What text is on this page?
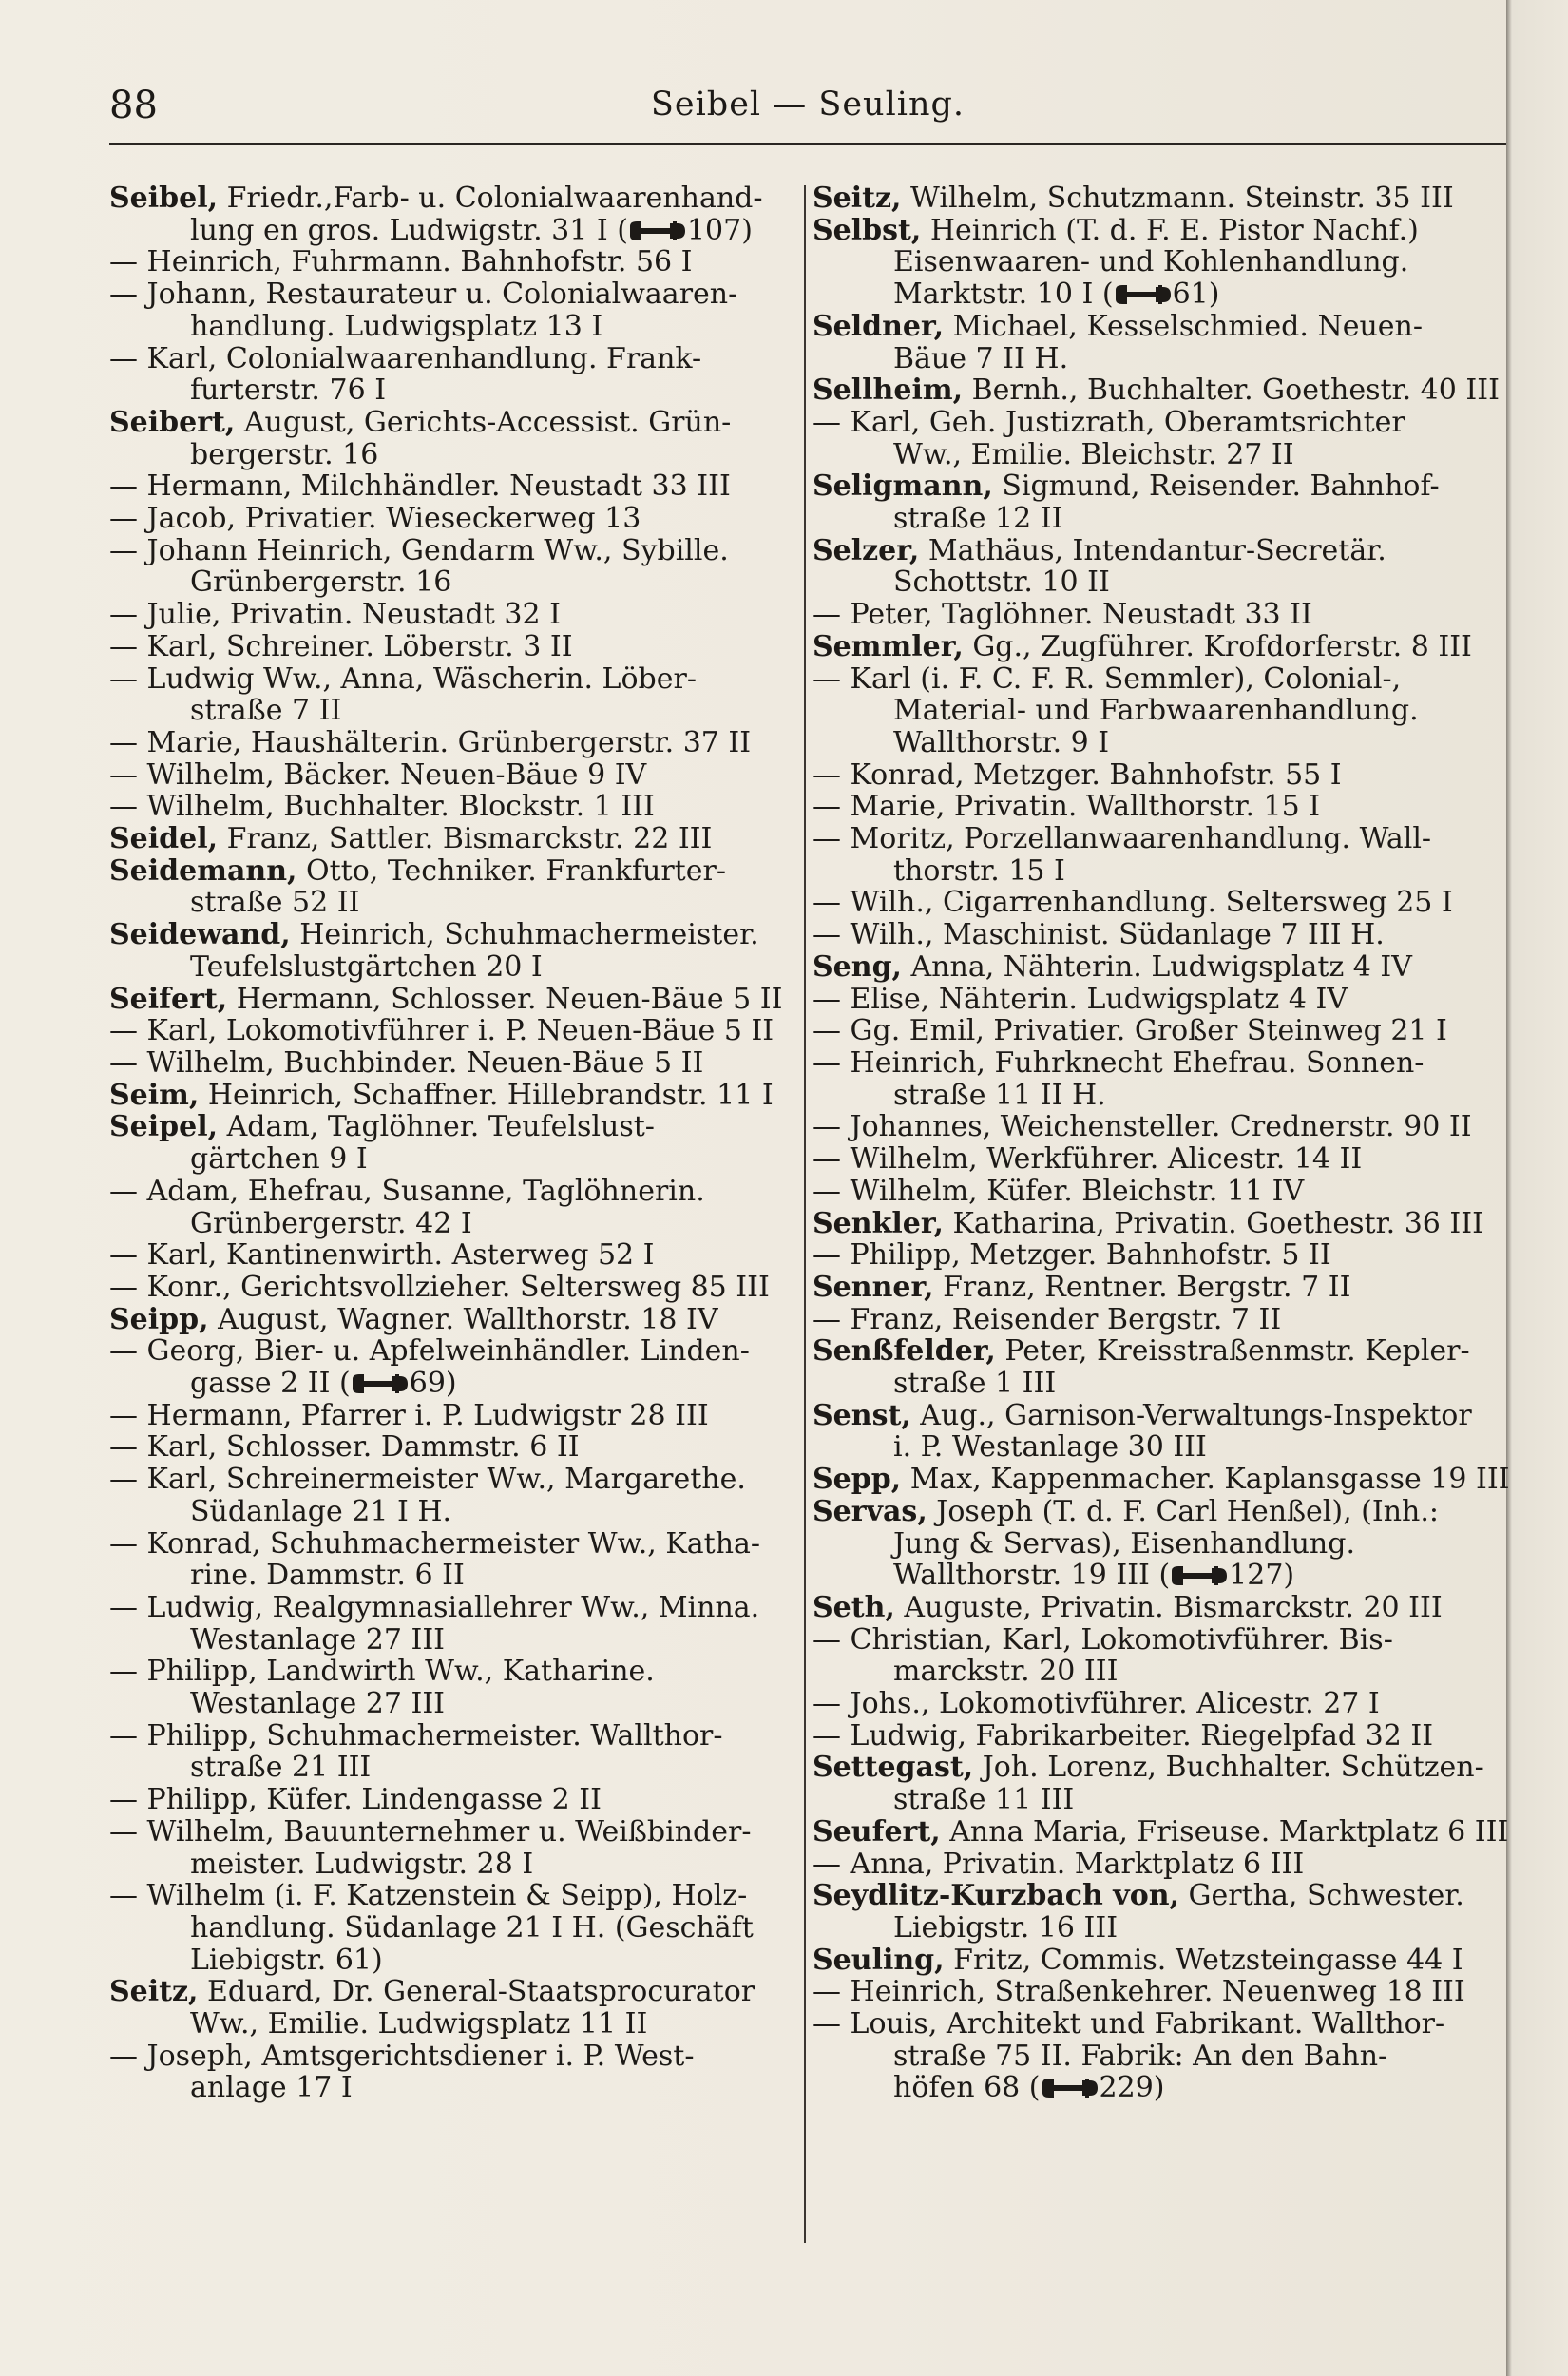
88	Seibel — Seuling.
Seibel, Friedr.,Farb- u. Colonialwaarenhand-
lung en gros. Ludwigstr. 31 I ( 107)
— Heinrich, Fuhrmann. Bahnhofstr. 56 I
— Johann, Restaurateur u. Colonialwaaren-
handlung. Ludwigsplatz 13 I
— Karl, Colonialwaarenhandlung. Frank-
furterstr. 76 I
Seibert, August, Gerichts-Accessist. Grün-
bergerstr. 16
— Hermann, Milchhändler. Neustadt 33 III
— Jacob, Privatier. Wieseckerweg 13
— Johann Heinrich, Gendarm Ww., Sybille.
Grünbergerstr. 16
— Julie, Privatin. Neustadt 32 I
— Karl, Schreiner. Löberstr. 3 II
— Ludwig Ww., Anna, Wäscherin. Löber-
straße 7 II
— Marie, Haushälterin. Grünbergerstr. 37 II
— Wilhelm, Bäcker. Neuen-Bäue 9 IV
— Wilhelm, Buchhalter. Blockstr. 1 III
Seidel, Franz, Sattler. Bismarckstr. 22 III
Seidemann, Otto, Techniker. Frankfurter-
straße 52 II
Seidewand, Heinrich, Schuhmachermeister.
Teufelslustgärtchen 20 I
Seifert, Hermann, Schlosser. Neuen-Bäue 5 II
— Karl, Lokomotivführer i. P. Neuen-Bäue 5 II
— Wilhelm, Buchbinder. Neuen-Bäue 5 II
Seim, Heinrich, Schaffner. Hillebrandstr. 11 I
Seipel, Adam, Taglöhner. Teufelslust-
gärtchen 9 I
— Adam, Ehefrau, Susanne, Taglöhnerin.
Grünbergerstr. 42 I
— Karl, Kantinenwirth. Asterweg 52 I
— Konr., Gerichtsvollzieher. Seltersweg 85 III
Seipp, August, Wagner. Wallthorstr. 18 IV
— Georg, Bier- u. Apfelweinhändler. Linden-
gasse 2 II ( 69)
— Hermann, Pfarrer i. P. Ludwigstr 28 III
— Karl, Schlosser. Dammstr. 6 II
— Karl, Schreinermeister Ww., Margarethe.
Südanlage 21 I H.
— Konrad, Schuhmachermeister Ww., Katha-
rine. Dammstr. 6 II
— Ludwig, Realgymnasiallehrer Ww., Minna.
Westanlage 27 III
— Philipp, Landwirth Ww., Katharine.
Westanlage 27 III
— Philipp, Schuhmachermeister. Wallthor-
straße 21 III
— Philipp, Küfer. Lindengasse 2 II
— Wilhelm, Bauunternehmer u. Weißbinder-
meister. Ludwigstr. 28 I
— Wilhelm (i. F. Katzenstein & Seipp), Holz-
handlung. Südanlage 21 I H. (Geschäft
Liebigstr. 61)
Seitz, Eduard, Dr. General-Staatsprocurator
Ww., Emilie. Ludwigsplatz 11 II
— Joseph, Amtsgerichtsdiener i. P. West-
anlage 17 I
Seitz, Wilhelm, Schutzmann. Steinstr. 35 III
Selbst, Heinrich (T. d. F. E. Pistor Nachf.)
Eisenwaaren- und Kohlenhandlung.
Marktstr. 10 I ( 61)
Seldner, Michael, Kesselschmied. Neuen-
Bäue 7 II H.
Sellheim, Bernh., Buchhalter. Goethestr. 40 III
— Karl, Geh. Justizrath, Oberamtsrichter
Ww., Emilie. Bleichstr. 27 II
Seligmann, Sigmund, Reisender. Bahnhof-
straße 12 II
Selzer, Mathäus, Intendantur-Secretär.
Schottstr. 10 II
— Peter, Taglöhner. Neustadt 33 II
Semmler, Gg., Zugführer. Krofdorferstr. 8 III
— Karl (i. F. C. F. R. Semmler), Colonial-,
Material- und Farbwaarenhandlung.
Wallthorstr. 9 I
— Konrad, Metzger. Bahnhofstr. 55 I
— Marie, Privatin. Wallthorstr. 15 I
— Moritz, Porzellanwaarenhandlung. Wall-
thorstr. 15 I
— Wilh., Cigarrenhandlung. Seltersweg 25 I
— Wilh., Maschinist. Südanlage 7 III H.
Seng, Anna, Nähterin. Ludwigsplatz 4 IV
— Elise, Nähterin. Ludwigsplatz 4 IV
— Gg. Emil, Privatier. Großer Steinweg 21 I
— Heinrich, Fuhrknecht Ehefrau. Sonnen-
straße 11 II H.
— Johannes, Weichensteller. Crednerstr. 90 II
— Wilhelm, Werkführer. Alicestr. 14 II
— Wilhelm, Küfer. Bleichstr. 11 IV
Senkler, Katharina, Privatin. Goethestr. 36 III
— Philipp, Metzger. Bahnhofstr. 5 II
Senner, Franz, Rentner. Bergstr. 7 II
— Franz, Reisender Bergstr. 7 II
Senßfelder, Peter, Kreisstraßenmstr. Kepler-
straße 1 III
Senst, Aug., Garnison-Verwaltungs-Inspektor
i. P. Westanlage 30 III
Sepp, Max, Kappenmacher. Kaplansgasse 19 III
Servas, Joseph (T. d. F. Carl Henßel), (Inh.:
Jung & Servas), Eisenhandlung.
Wallthorstr. 19 III ( 127)
Seth, Auguste, Privatin. Bismarckstr. 20 III
— Christian, Karl, Lokomotivführer. Bis-
marckstr. 20 III
— Johs., Lokomotivführer. Alicestr. 27 I
— Ludwig, Fabrikarbeiter. Riegelpfad 32 II
Settegast, Joh. Lorenz, Buchhalter. Schützen-
straße 11 III
Seufert, Anna Maria, Friseuse. Marktplatz 6 III
— Anna, Privatin. Marktplatz 6 III
Seydlitz-Kurzbach von, Gertha, Schwester.
Liebigstr. 16 III
Seuling, Fritz, Commis. Wetzsteingasse 44 I
— Heinrich, Straßenkehrer. Neuenweg 18 III
— Louis, Architekt und Fabrikant. Wallthor-
straße 75 II. Fabrik: An den Bahn-
höfen 68 ( 229)
